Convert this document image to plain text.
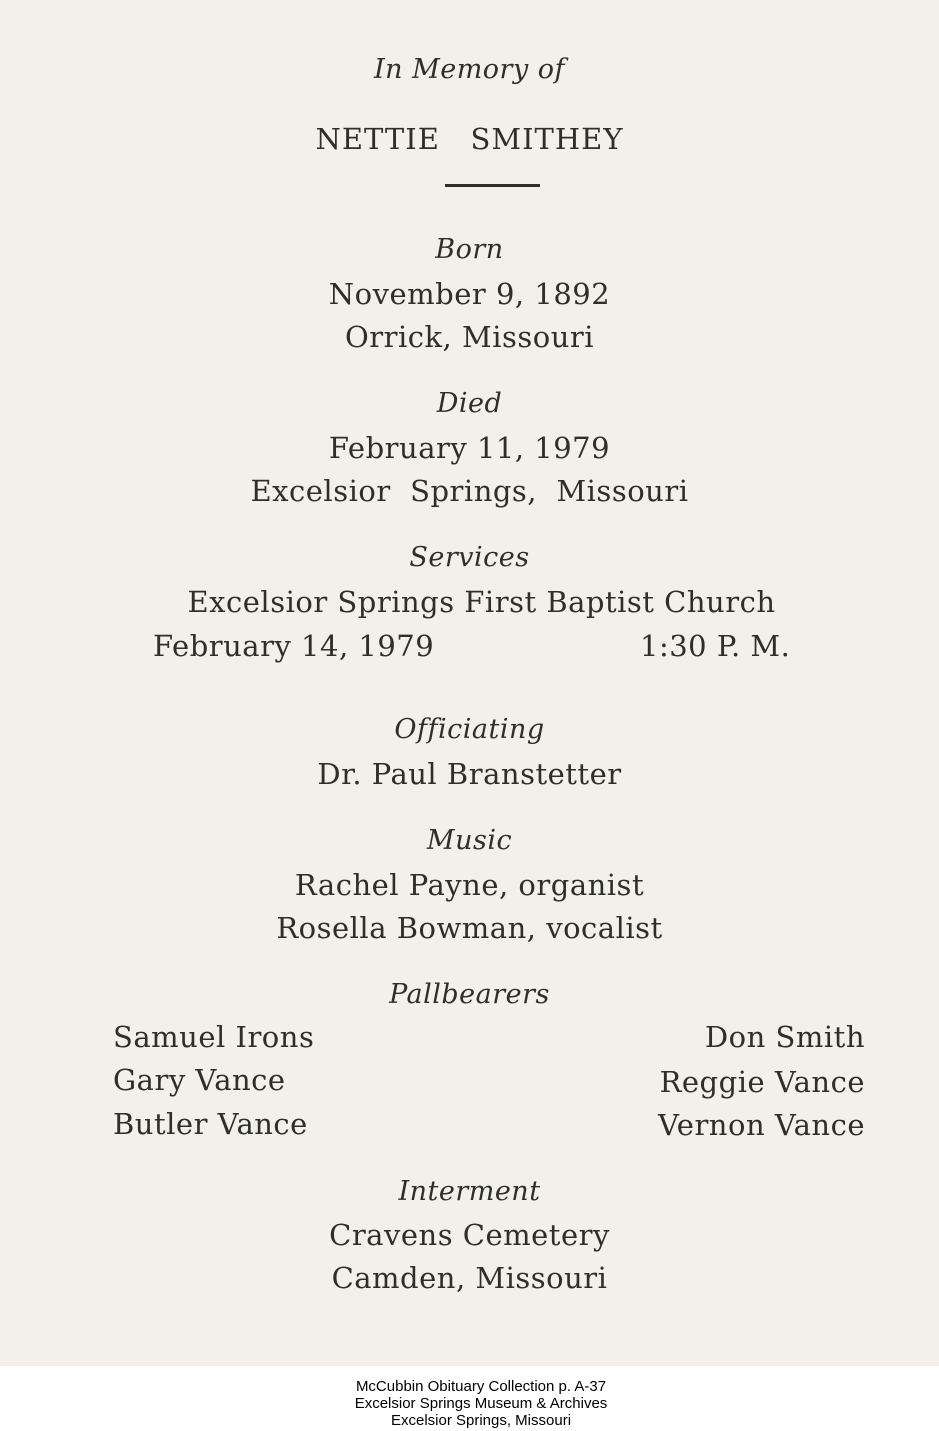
In Memory of
NETTIE   SMITHEY
Born
November 9, 1892
Orrick, Missouri
Died
February 11, 1979
Excelsior  Springs,  Missouri
Services
Excelsior Springs First Baptist Church
February 14, 1979	1:30 P. M.
Officiating
Dr. Paul Branstetter
Music
Rachel Payne, organist
Rosella Bowman, vocalist
Pallbearers
Samuel Irons
Gary Vance
Butler Vance
Don Smith
Reggie Vance
Vernon Vance
Interment
Cravens Cemetery
Camden, Missouri
McCubbin Obituary Collection p. A-37
Excelsior Springs Museum & Archives
Excelsior Springs, Missouri
